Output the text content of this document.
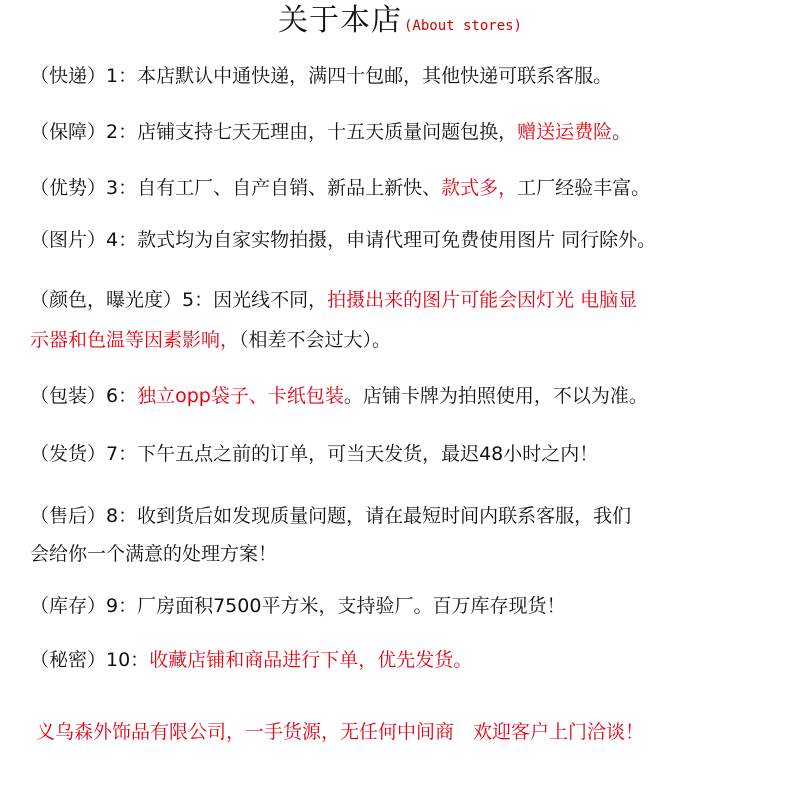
关于本店 (About stores)
（快递）1：本店默认中通快递，满四十包邮，其他快递可联系客服。
（保障）2：店铺支持七天无理由，十五天质量问题包换，赠送运费险。
（优势）3：自有工厂、自产自销、新品上新快、款式多，工厂经验丰富。
（图片）4：款式均为自家实物拍摄，申请代理可免费使用图片 同行除外。
（颜色，曝光度）5：因光线不同，拍摄出来的图片可能会因灯光 电脑显
示器和色温等因素影响，（相差不会过大）。
（包装）6：独立opp袋子、卡纸包装。店铺卡牌为拍照使用，不以为准。
（发货）7：下午五点之前的订单，可当天发货，最迟48小时之内！
（售后）8：收到货后如发现质量问题，请在最短时间内联系客服，我们
会给你一个满意的处理方案！
（库存）9：厂房面积7500平方米，支持验厂。百万库存现货！
（秘密）10：收藏店铺和商品进行下单，优先发货。
义乌森外饰品有限公司，一手货源，无任何中间商　欢迎客户上门洽谈！
